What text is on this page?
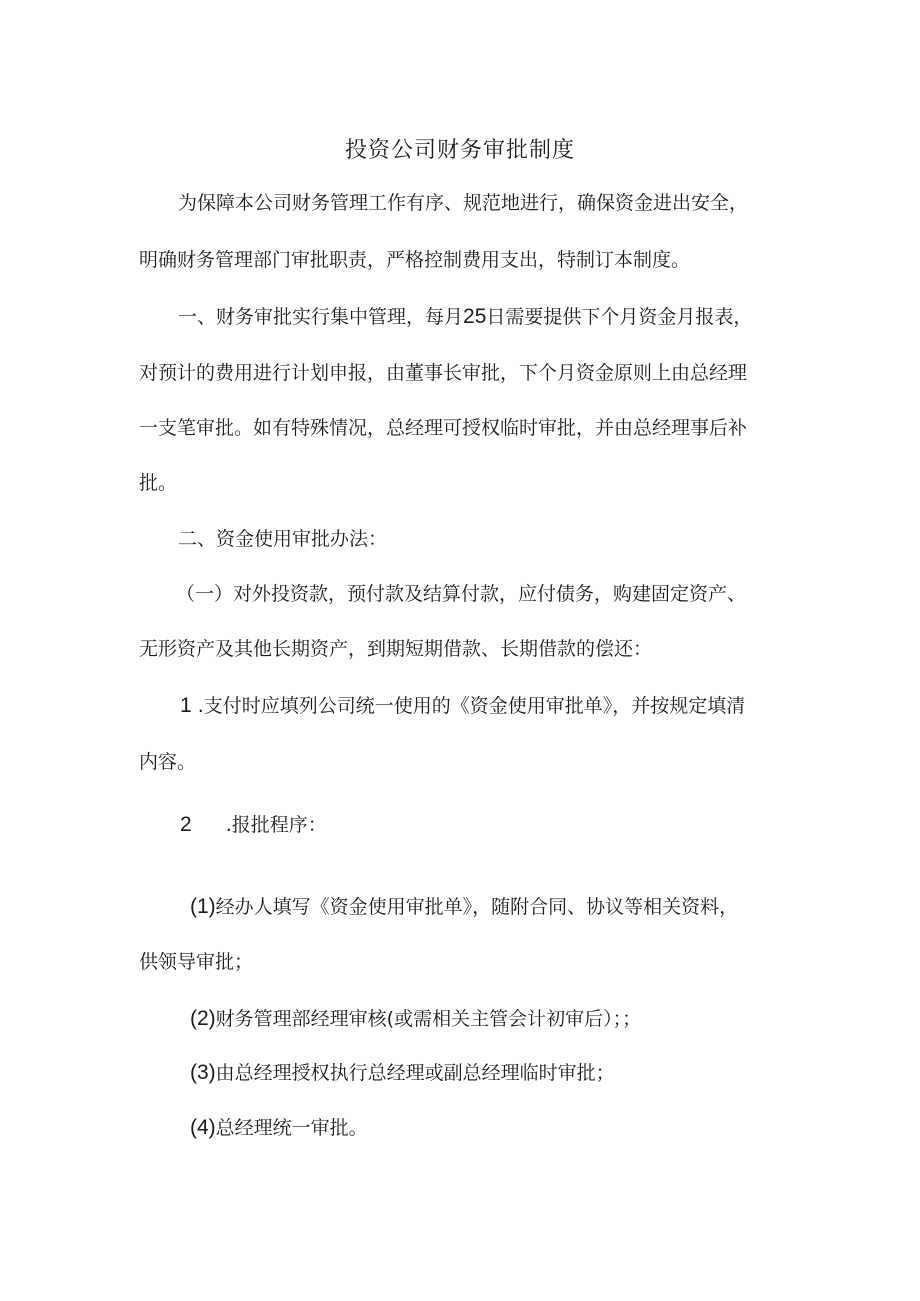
投资公司财务审批制度
为保障本公司财务管理工作有序、规范地进行，确保资金进出安全，
明确财务管理部门审批职责，严格控制费用支出，特制订本制度。
一、财务审批实行集中管理，每月25日需要提供下个月资金月报表，
对预计的费用进行计划申报，由董事长审批，下个月资金原则上由总经理
一支笔审批。如有特殊情况，总经理可授权临时审批，并由总经理事后补
批。
二、资金使用审批办法：
（一）对外投资款，预付款及结算付款，应付债务，购建固定资产、
无形资产及其他长期资产，到期短期借款、长期借款的偿还：
1 .支付时应填列公司统一使用的《资金使用审批单》，并按规定填清
内容。
2 .报批程序：
(1)经办人填写《资金使用审批单》，随附合同、协议等相关资料，
供领导审批；
(2)财务管理部经理审核(或需相关主管会计初审后）；；
(3)由总经理授权执行总经理或副总经理临时审批；
(4)总经理统一审批。
